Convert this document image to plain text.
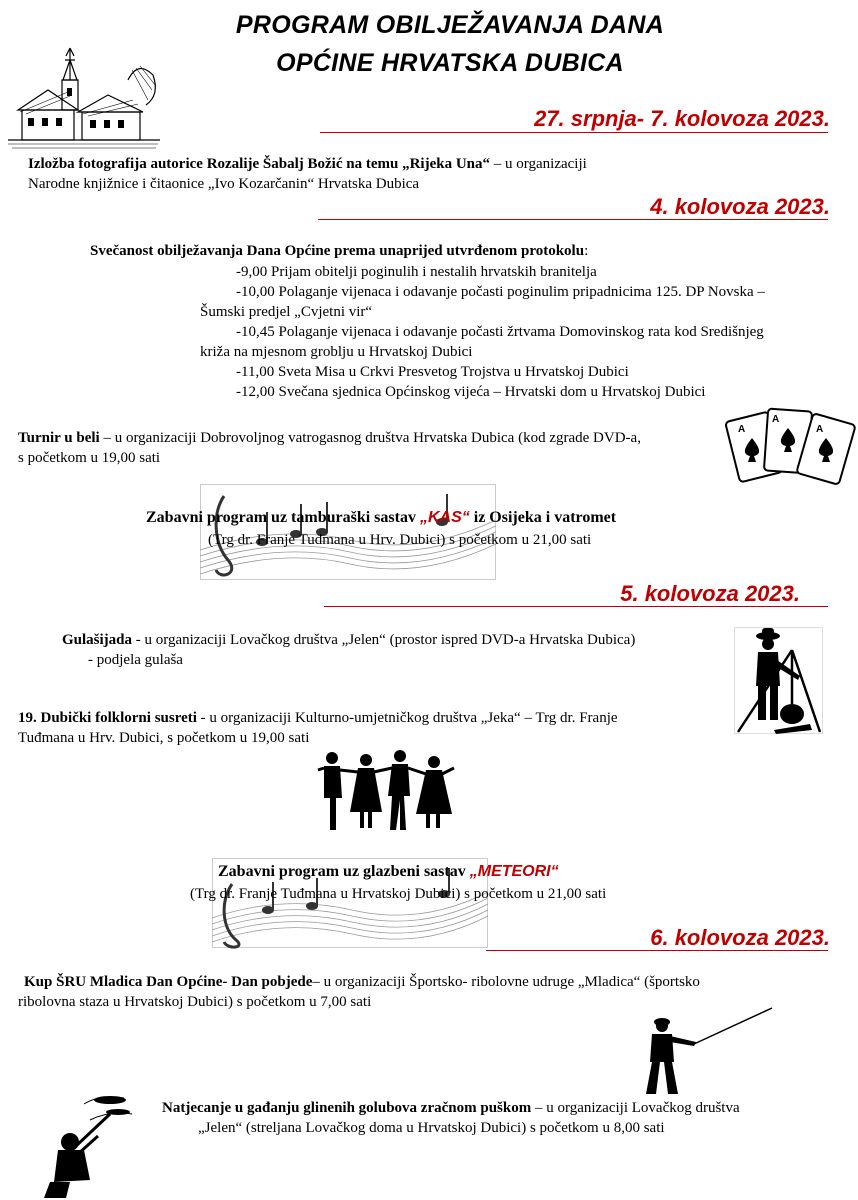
PROGRAM OBILJEŽAVANJA DANA
OPĆINE HRVATSKA DUBICA
27. srpnja- 7. kolovoza 2023.
Izložba fotografija autorice Rozalije Šabalj Božić na temu „Rijeka Una“ – u organizaciji
Narodne knjižnice i čitaonice „Ivo Kozarčanin“ Hrvatska Dubica
4. kolovoza 2023.
Svečanost obilježavanja Dana Općine prema unaprijed utvrđenom protokolu:
-9,00 Prijam obitelji poginulih i nestalih hrvatskih branitelja
-10,00 Polaganje vijenaca i odavanje počasti poginulim pripadnicima 125. DP Novska –
Šumski predjel „Cvjetni vir“
-10,45 Polaganje vijenaca i odavanje počasti žrtvama Domovinskog rata kod Središnjeg
križa na mjesnom groblju u Hrvatskoj Dubici
-11,00 Sveta Misa u Crkvi Presvetog Trojstva u Hrvatskoj Dubici
-12,00 Svečana sjednica Općinskog vijeća – Hrvatski dom u Hrvatskoj Dubici
Turnir u beli – u organizaciji Dobrovoljnog vatrogasnog društva Hrvatska Dubica (kod zgrade DVD-a,
s početkom u 19,00 sati
A
A
A
Zabavni program uz tamburaški sastav „KAS“ iz Osijeka i vatromet
(Trg dr. Franje Tuđmana u Hrv. Dubici) s početkom u 21,00 sati
5. kolovoza 2023.
Gulašijada - u organizaciji Lovačkog društva „Jelen“ (prostor ispred DVD-a Hrvatska Dubica)
- podjela gulaša
19. Dubički folklorni susreti - u organizaciji Kulturno-umjetničkog društva „Jeka“ – Trg dr. Franje
Tuđmana u Hrv. Dubici, s početkom u 19,00 sati
Zabavni program uz glazbeni sastav „METEORI“
(Trg dr. Franje Tuđmana u Hrvatskoj Dubici) s početkom u 21,00 sati
6. kolovoza 2023.
Kup ŠRU Mladica Dan Općine- Dan pobjede– u organizaciji Športsko- ribolovne udruge „Mladica“ (športsko
ribolovna staza u Hrvatskoj Dubici) s početkom u 7,00 sati
Natjecanje u gađanju glinenih golubova zračnom puškom – u organizaciji Lovačkog društva
„Jelen“ (streljana Lovačkog doma u Hrvatskoj Dubici) s početkom u 8,00 sati
